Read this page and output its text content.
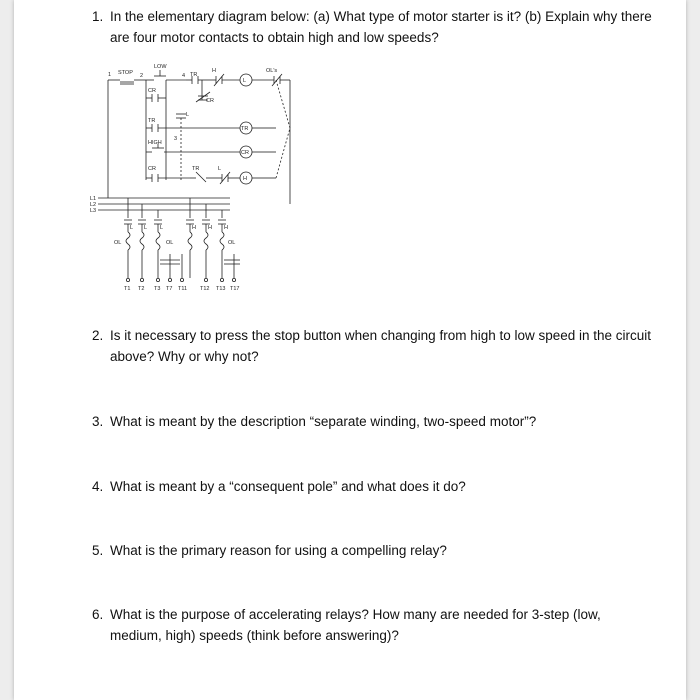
1. In the elementary diagram below: (a) What type of motor starter is it? (b) Explain why there are four motor contacts to obtain high and low speeds?
STOP
LOW
1	2	4
3
TR
H
CR
OL's
CR
TR
L
HIGH
CR	TR	L
L
TR
CR
H
L1
L2
L3
L L L	H H H
OL	OL	OL
T1 T2 T3 T7 T11 T12 T13 T17
2. Is it necessary to press the stop button when changing from high to low speed in the circuit above? Why or why not?
3. What is meant by the description “separate winding, two-speed motor”?
4. What is meant by a “consequent pole” and what does it do?
5. What is the primary reason for using a compelling relay?
6. What is the purpose of accelerating relays? How many are needed for 3-step (low, medium, high) speeds (think before answering)?
